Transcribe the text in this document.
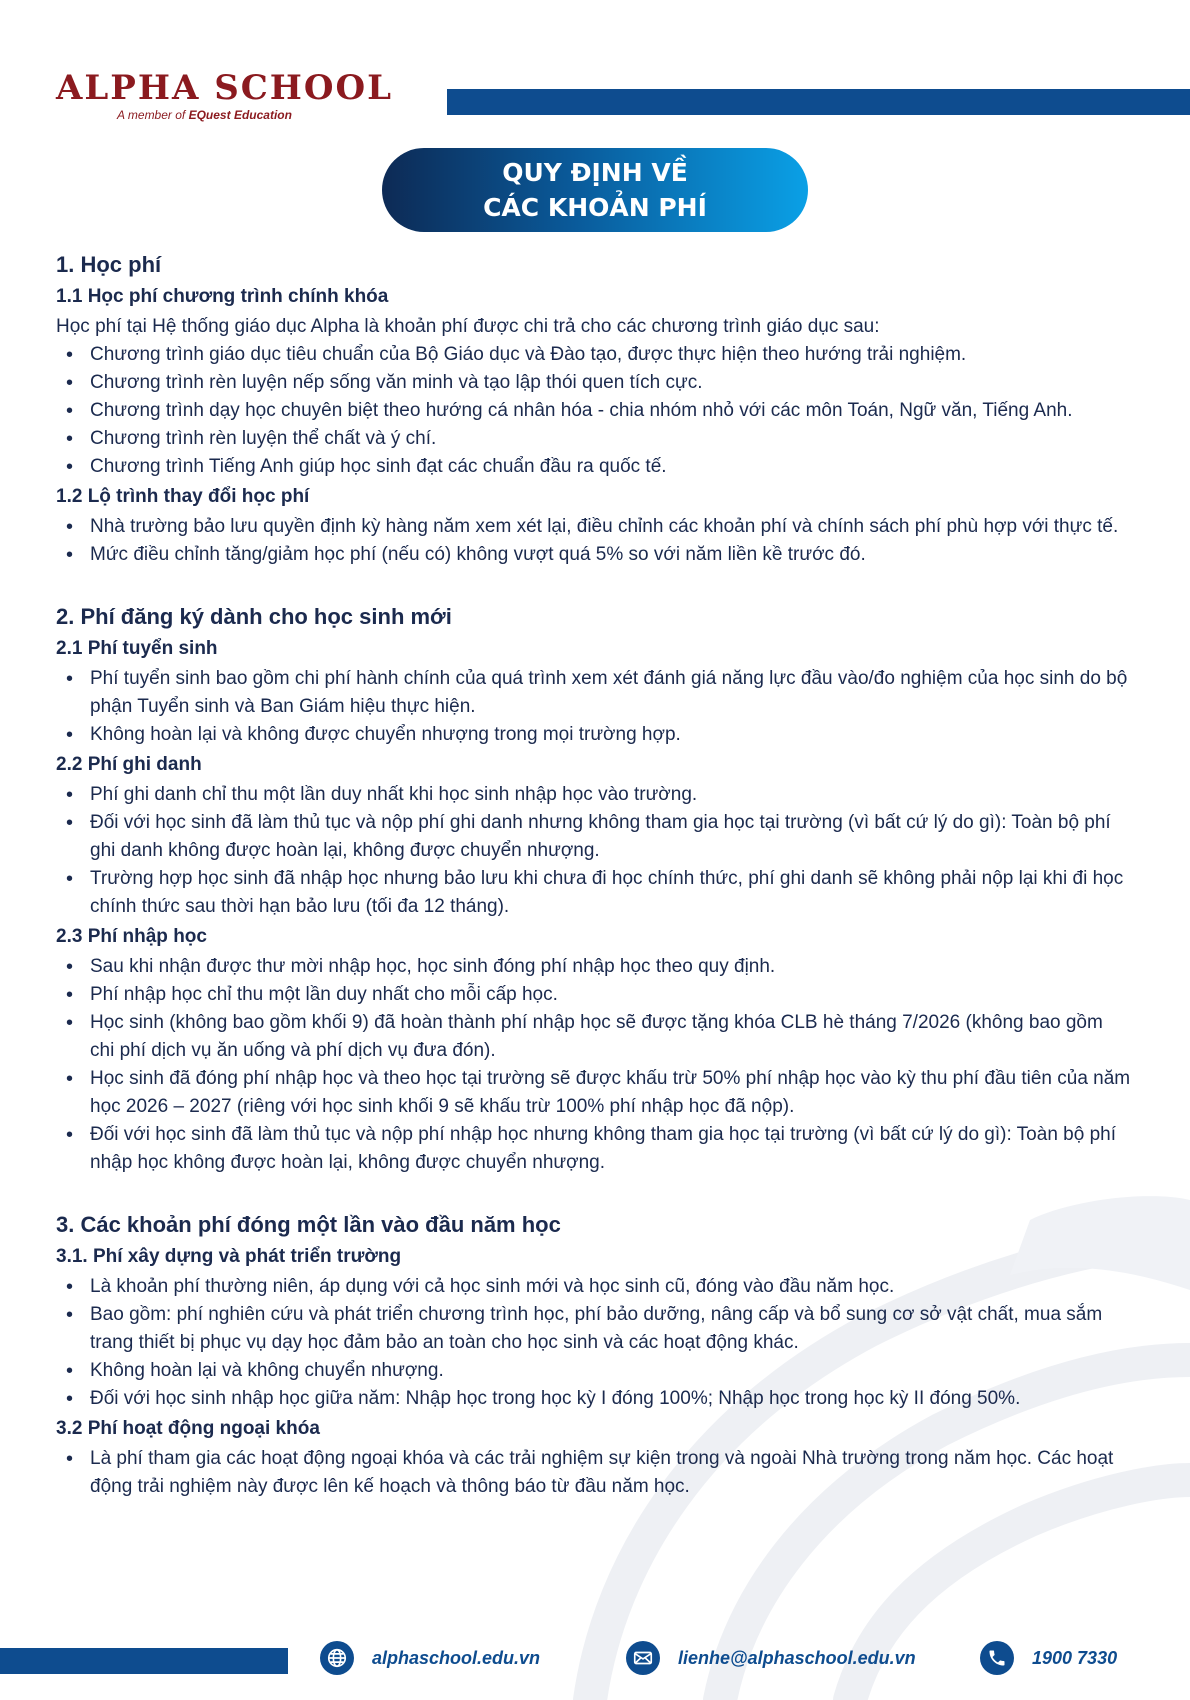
ALPHA SCHOOL
A member of EQuest Education
QUY ĐỊNH VỀ
CÁC KHOẢN PHÍ
1. Học phí
1.1 Học phí chương trình chính khóa

Học phí tại Hệ thống giáo dục Alpha là khoản phí được chi trả cho các chương trình giáo dục sau:

• Chương trình giáo dục tiêu chuẩn của Bộ Giáo dục và Đào tạo, được thực hiện theo hướng trải nghiệm.
• Chương trình rèn luyện nếp sống văn minh và tạo lập thói quen tích cực.
• Chương trình dạy học chuyên biệt theo hướng cá nhân hóa - chia nhóm nhỏ với các môn Toán, Ngữ văn, Tiếng Anh.
• Chương trình rèn luyện thể chất và ý chí.
• Chương trình Tiếng Anh giúp học sinh đạt các chuẩn đầu ra quốc tế.
1.2 Lộ trình thay đổi học phí
• Nhà trường bảo lưu quyền định kỳ hàng năm xem xét lại, điều chỉnh các khoản phí và chính sách phí phù hợp với thực tế.
• Mức điều chỉnh tăng/giảm học phí (nếu có) không vượt quá 5% so với năm liền kề trước đó.
2. Phí đăng ký dành cho học sinh mới
2.1 Phí tuyển sinh
• Phí tuyển sinh bao gồm chi phí hành chính của quá trình xem xét đánh giá năng lực đầu vào/đo nghiệm của học sinh do bộ phận Tuyển sinh và Ban Giám hiệu thực hiện.
• Không hoàn lại và không được chuyển nhượng trong mọi trường hợp.
2.2 Phí ghi danh
• Phí ghi danh chỉ thu một lần duy nhất khi học sinh nhập học vào trường.
• Đối với học sinh đã làm thủ tục và nộp phí ghi danh nhưng không tham gia học tại trường (vì bất cứ lý do gì): Toàn bộ phí ghi danh không được hoàn lại, không được chuyển nhượng.
• Trường hợp học sinh đã nhập học nhưng bảo lưu khi chưa đi học chính thức, phí ghi danh sẽ không phải nộp lại khi đi học chính thức sau thời hạn bảo lưu (tối đa 12 tháng).
2.3 Phí nhập học
• Sau khi nhận được thư mời nhập học, học sinh đóng phí nhập học theo quy định.
• Phí nhập học chỉ thu một lần duy nhất cho mỗi cấp học.
• Học sinh (không bao gồm khối 9) đã hoàn thành phí nhập học sẽ được tặng khóa CLB hè tháng 7/2026 (không bao gồm chi phí dịch vụ ăn uống và phí dịch vụ đưa đón).
• Học sinh đã đóng phí nhập học và theo học tại trường sẽ được khấu trừ 50% phí nhập học vào kỳ thu phí đầu tiên của năm học 2026 – 2027 (riêng với học sinh khối 9 sẽ khấu trừ 100% phí nhập học đã nộp).
• Đối với học sinh đã làm thủ tục và nộp phí nhập học nhưng không tham gia học tại trường (vì bất cứ lý do gì): Toàn bộ phí nhập học không được hoàn lại, không được chuyển nhượng.
3. Các khoản phí đóng một lần vào đầu năm học
3.1. Phí xây dựng và phát triển trường
• Là khoản phí thường niên, áp dụng với cả học sinh mới và học sinh cũ, đóng vào đầu năm học.
• Bao gồm: phí nghiên cứu và phát triển chương trình học, phí bảo dưỡng, nâng cấp và bổ sung cơ sở vật chất, mua sắm trang thiết bị phục vụ dạy học đảm bảo an toàn cho học sinh và các hoạt động khác.
• Không hoàn lại và không chuyển nhượng.
• Đối với học sinh nhập học giữa năm: Nhập học trong học kỳ I đóng 100%; Nhập học trong học kỳ II đóng 50%.
3.2 Phí hoạt động ngoại khóa
• Là phí tham gia các hoạt động ngoại khóa và các trải nghiệm sự kiện trong và ngoài Nhà trường trong năm học. Các hoạt động trải nghiệm này được lên kế hoạch và thông báo từ đầu năm học.
alphaschool.edu.vn	lienhe@alphaschool.edu.vn	1900 7330
